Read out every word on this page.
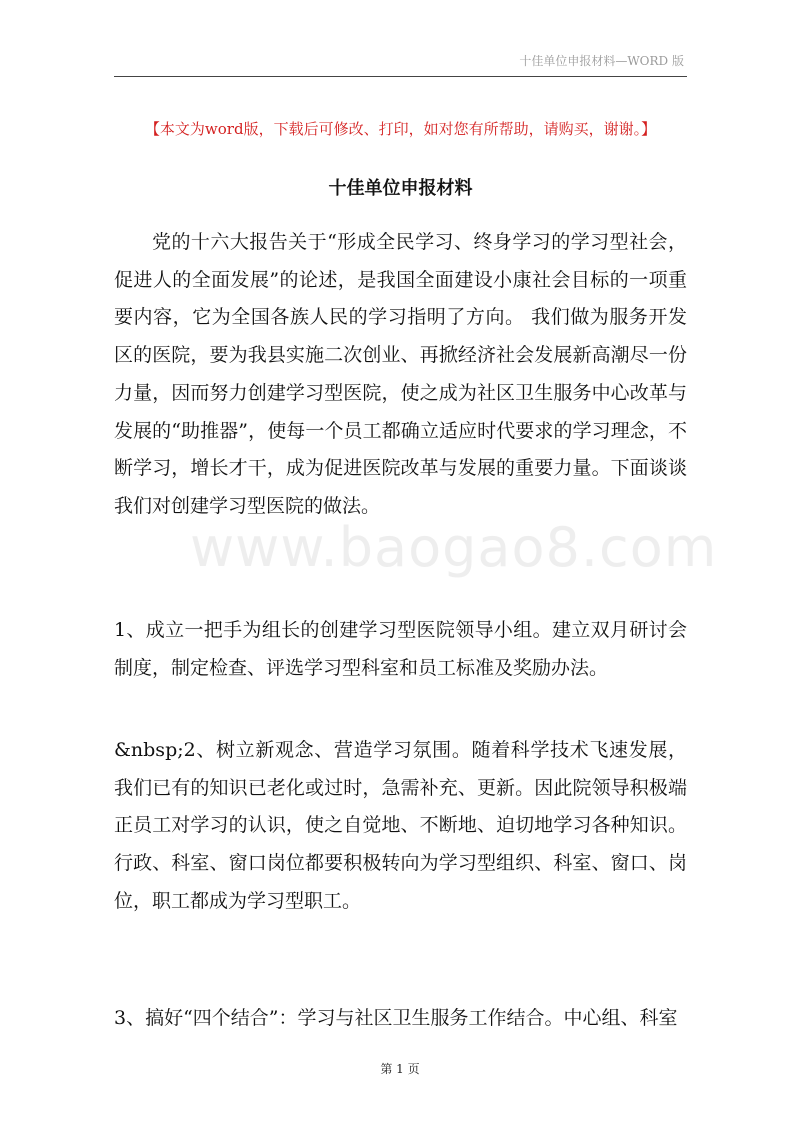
十佳单位申报材料—WORD 版
【本文为word版，下载后可修改、打印，如对您有所帮助，请购买，谢谢。】
十佳单位申报材料
党的十六大报告关于“形成全民学习、终身学习的学习型社会，促进人的全面发展”的论述，是我国全面建设小康社会目标的一项重要内容，它为全国各族人民的学习指明了方向。 我们做为服务开发区的医院，要为我县实施二次创业、再掀经济社会发展新高潮尽一份力量，因而努力创建学习型医院，使之成为社区卫生服务中心改革与发展的“助推器”，使每一个员工都确立适应时代要求的学习理念，不断学习，增长才干，成为促进医院改革与发展的重要力量。下面谈谈我们对创建学习型医院的做法。
www.baogao8.com
1、成立一把手为组长的创建学习型医院领导小组。建立双月研讨会制度，制定检查、评选学习型科室和员工标准及奖励办法。
&nbsp;2、树立新观念、营造学习氛围。随着科学技术飞速发展，我们已有的知识已老化或过时，急需补充、更新。因此院领导积极端正员工对学习的认识，使之自觉地、不断地、迫切地学习各种知识。行政、科室、窗口岗位都要积极转向为学习型组织、科室、窗口、岗位，职工都成为学习型职工。
3、搞好“四个结合”：学习与社区卫生服务工作结合。中心组、科室
第 1 页
